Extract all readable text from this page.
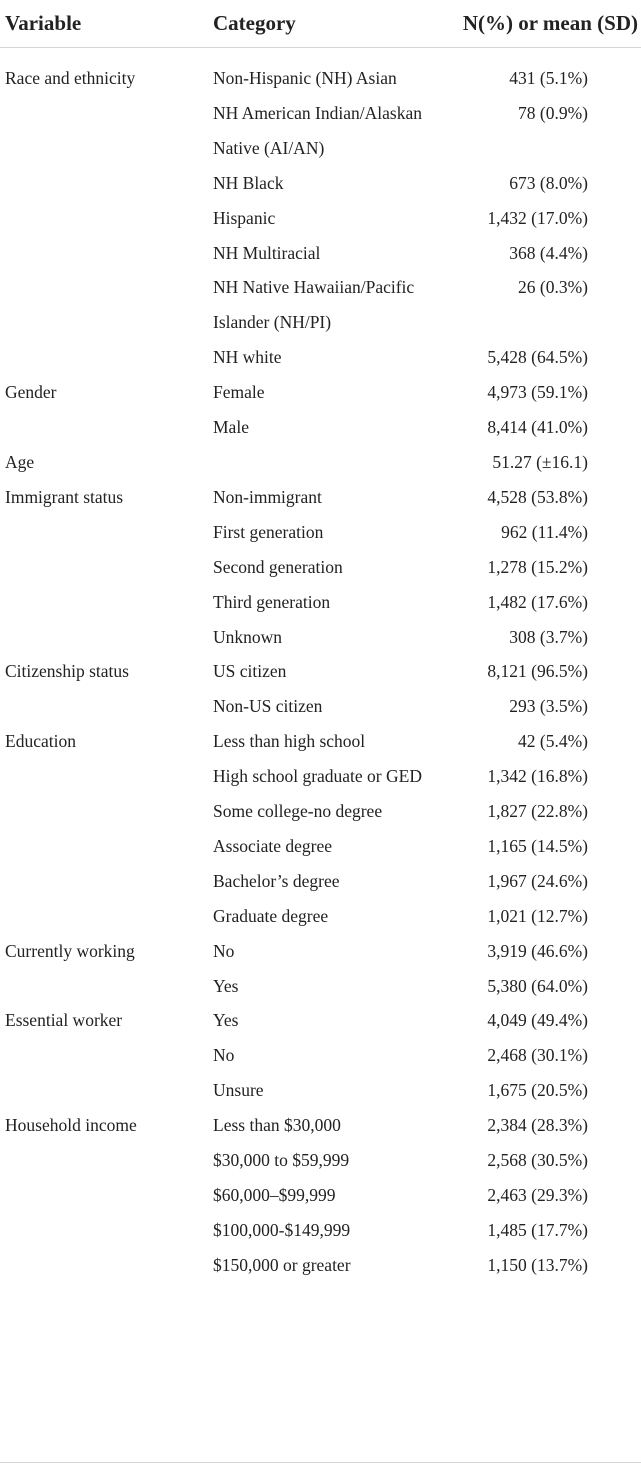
Variable	Category	N(%) or mean (SD)
Race and ethnicity	Non-Hispanic (NH) Asian	431 (5.1%)
	NH American Indian/Alaskan Native (AI/AN)	78 (0.9%)
	NH Black	673 (8.0%)
	Hispanic	1,432 (17.0%)
	NH Multiracial	368 (4.4%)
	NH Native Hawaiian/Pacific Islander (NH/PI)	26 (0.3%)
	NH white	5,428 (64.5%)
Gender	Female	4,973 (59.1%)
	Male	8,414 (41.0%)
Age		51.27 (±16.1)
Immigrant status	Non-immigrant	4,528 (53.8%)
	First generation	962 (11.4%)
	Second generation	1,278 (15.2%)
	Third generation	1,482 (17.6%)
	Unknown	308 (3.7%)
Citizenship status	US citizen	8,121 (96.5%)
	Non-US citizen	293 (3.5%)
Education	Less than high school	42 (5.4%)
	High school graduate or GED	1,342 (16.8%)
	Some college-no degree	1,827 (22.8%)
	Associate degree	1,165 (14.5%)
	Bachelor’s degree	1,967 (24.6%)
	Graduate degree	1,021 (12.7%)
Currently working	No	3,919 (46.6%)
	Yes	5,380 (64.0%)
Essential worker	Yes	4,049 (49.4%)
	No	2,468 (30.1%)
	Unsure	1,675 (20.5%)
Household income	Less than $30,000	2,384 (28.3%)
	$30,000 to $59,999	2,568 (30.5%)
	$60,000–$99,999	2,463 (29.3%)
	$100,000-$149,999	1,485 (17.7%)
	$150,000 or greater	1,150 (13.7%)
